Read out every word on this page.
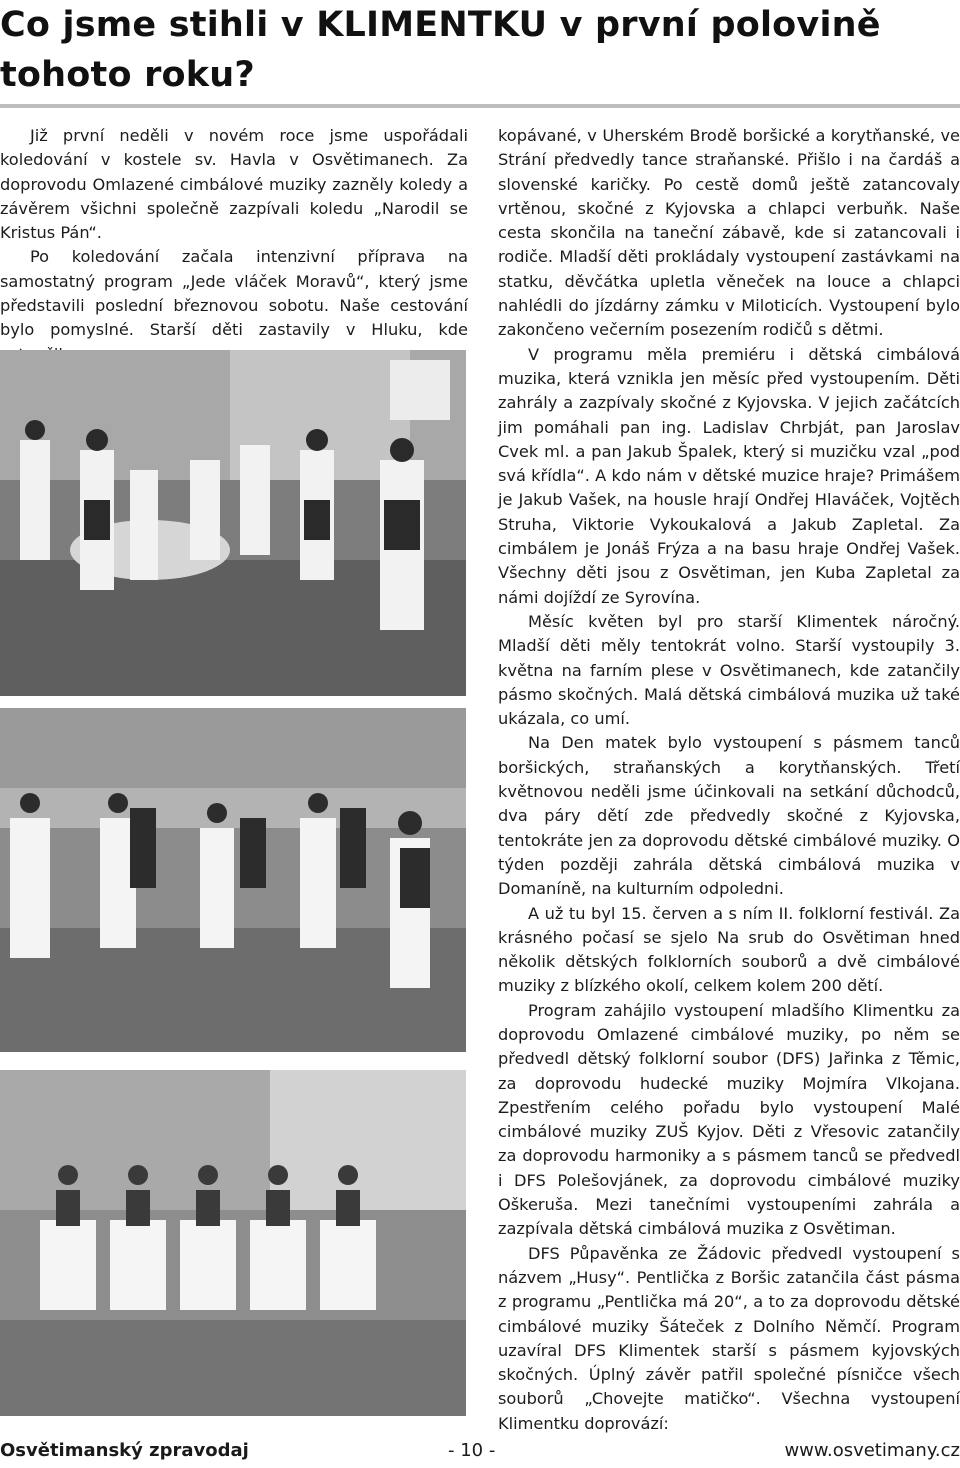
Co jsme stihli v KLIMENTKU v první polovině tohoto roku?

Již první neděli v novém roce jsme uspořádali koledování v kostele sv. Havla v Osvětimanech. Za doprovodu Omlazené cimbálové muziky zazněly koledy a závěrem všichni společně zazpívali koledu „Narodil se Kristus Pán“.

Po koledování začala intenzivní příprava na samostatný program „Jede vláček Moravů“, který jsme představili poslední březnovou sobotu. Naše cestování bylo pomyslné. Starší děti zastavily v Hluku, kde

kopávané, v Uherském Brodě boršické a korytňanské, ve Strání předvedly tance straňanské. Přišlo i na čardáš a slovenské karičky. Po cestě domů ještě zatancovaly vrtěnou, skočné z Kyjovska a chlapci verbuňk. Naše cesta skončila na taneční zábavě, kde si zatancovali i rodiče. Mladší děti prokládaly vystoupení zastávkami na statku, děvčátka upletla věneček na louce a chlapci nahlédli do jízdárny zámku v Miloticích. Vystoupení bylo zakončeno večerním posezením rodičů s dětmi.

V programu měla premiéru i dětská cimbálová muzika, která vznikla jen měsíc před vystoupením. Děti zahrály a zazpívaly skočné z Kyjovska. V jejich začátcích jim pomáhali pan ing. Ladislav Chrbját, pan Jaroslav Cvek ml. a pan Jakub Špalek, který si muzičku vzal „pod svá křídla“. A kdo nám v dětské muzice hraje? Primášem je Jakub Vašek, na housle hrají Ondřej Hlaváček, Vojtěch Struha, Viktorie Vykoukalová a Jakub Zapletal. Za cimbálem je Jonáš Frýza a na basu hraje Ondřej Vašek. Všechny děti jsou z Osvětiman, jen Kuba Zapletal za námi dojíždí ze Syrovína.

Měsíc květen byl pro starší Klimentek náročný. Mladší děti měly tentokrát volno. Starší vystoupily 3. května na farním plese v Osvětimanech, kde zatančily pásmo skočných. Malá dětská cimbálová muzika už také ukázala, co umí.

Na Den matek bylo vystoupení s pásmem tanců boršických, straňanských a korytňanských. Třetí květnovou neděli jsme účinkovali na setkání důchodců, dva páry dětí zde předvedly skočné z Kyjovska, tentokráte jen za doprovodu dětské cimbálové muziky. O týden později zahrála dětská cimbálová muzika v Domaníně, na kulturním odpoledni.

A už tu byl 15. červen a s ním II. folklorní festivál. Za krásného počasí se sjelo Na srub do Osvětiman hned několik dětských folklorních souborů a dvě cimbálové muziky z blízkého okolí, celkem kolem 200 dětí.

Program zahájilo vystoupení mladšího Klimentku za doprovodu Omlazené cimbálové muziky, po něm se předvedl dětský folklorní soubor (DFS) Jařinka z Těmic, za doprovodu hudecké muziky Mojmíra Vlkojana. Zpestřením celého pořadu bylo vystoupení Malé cimbálové muziky ZUŠ Kyjov. Děti z Vřesovic zatančily za doprovodu harmoniky a s pásmem tanců se předvedl i DFS Polešovjánek, za doprovodu cimbálové muziky Oškeruša. Mezi tanečními vystoupeními zahrála a zazpívala dětská cimbálová muzika z Osvětiman.

DFS Půpavěnka ze Žádovic předvedl vystoupení s názvem „Husy“. Pentlička z Boršic zatančila část pásma z programu „Pentlička má 20“, a to za doprovodu dětské cimbálové muziky Šáteček z Dolního Němčí. Program uzavíral DFS Klimentek starší s pásmem kyjovských skočných. Úplný závěr patřil společné písničce všech souborů „Chovejte matičko“. Všechna vystoupení Klimentku doprovází:

Osvětimanský zpravodaj	- 10 -	www.osvetimany.cz
